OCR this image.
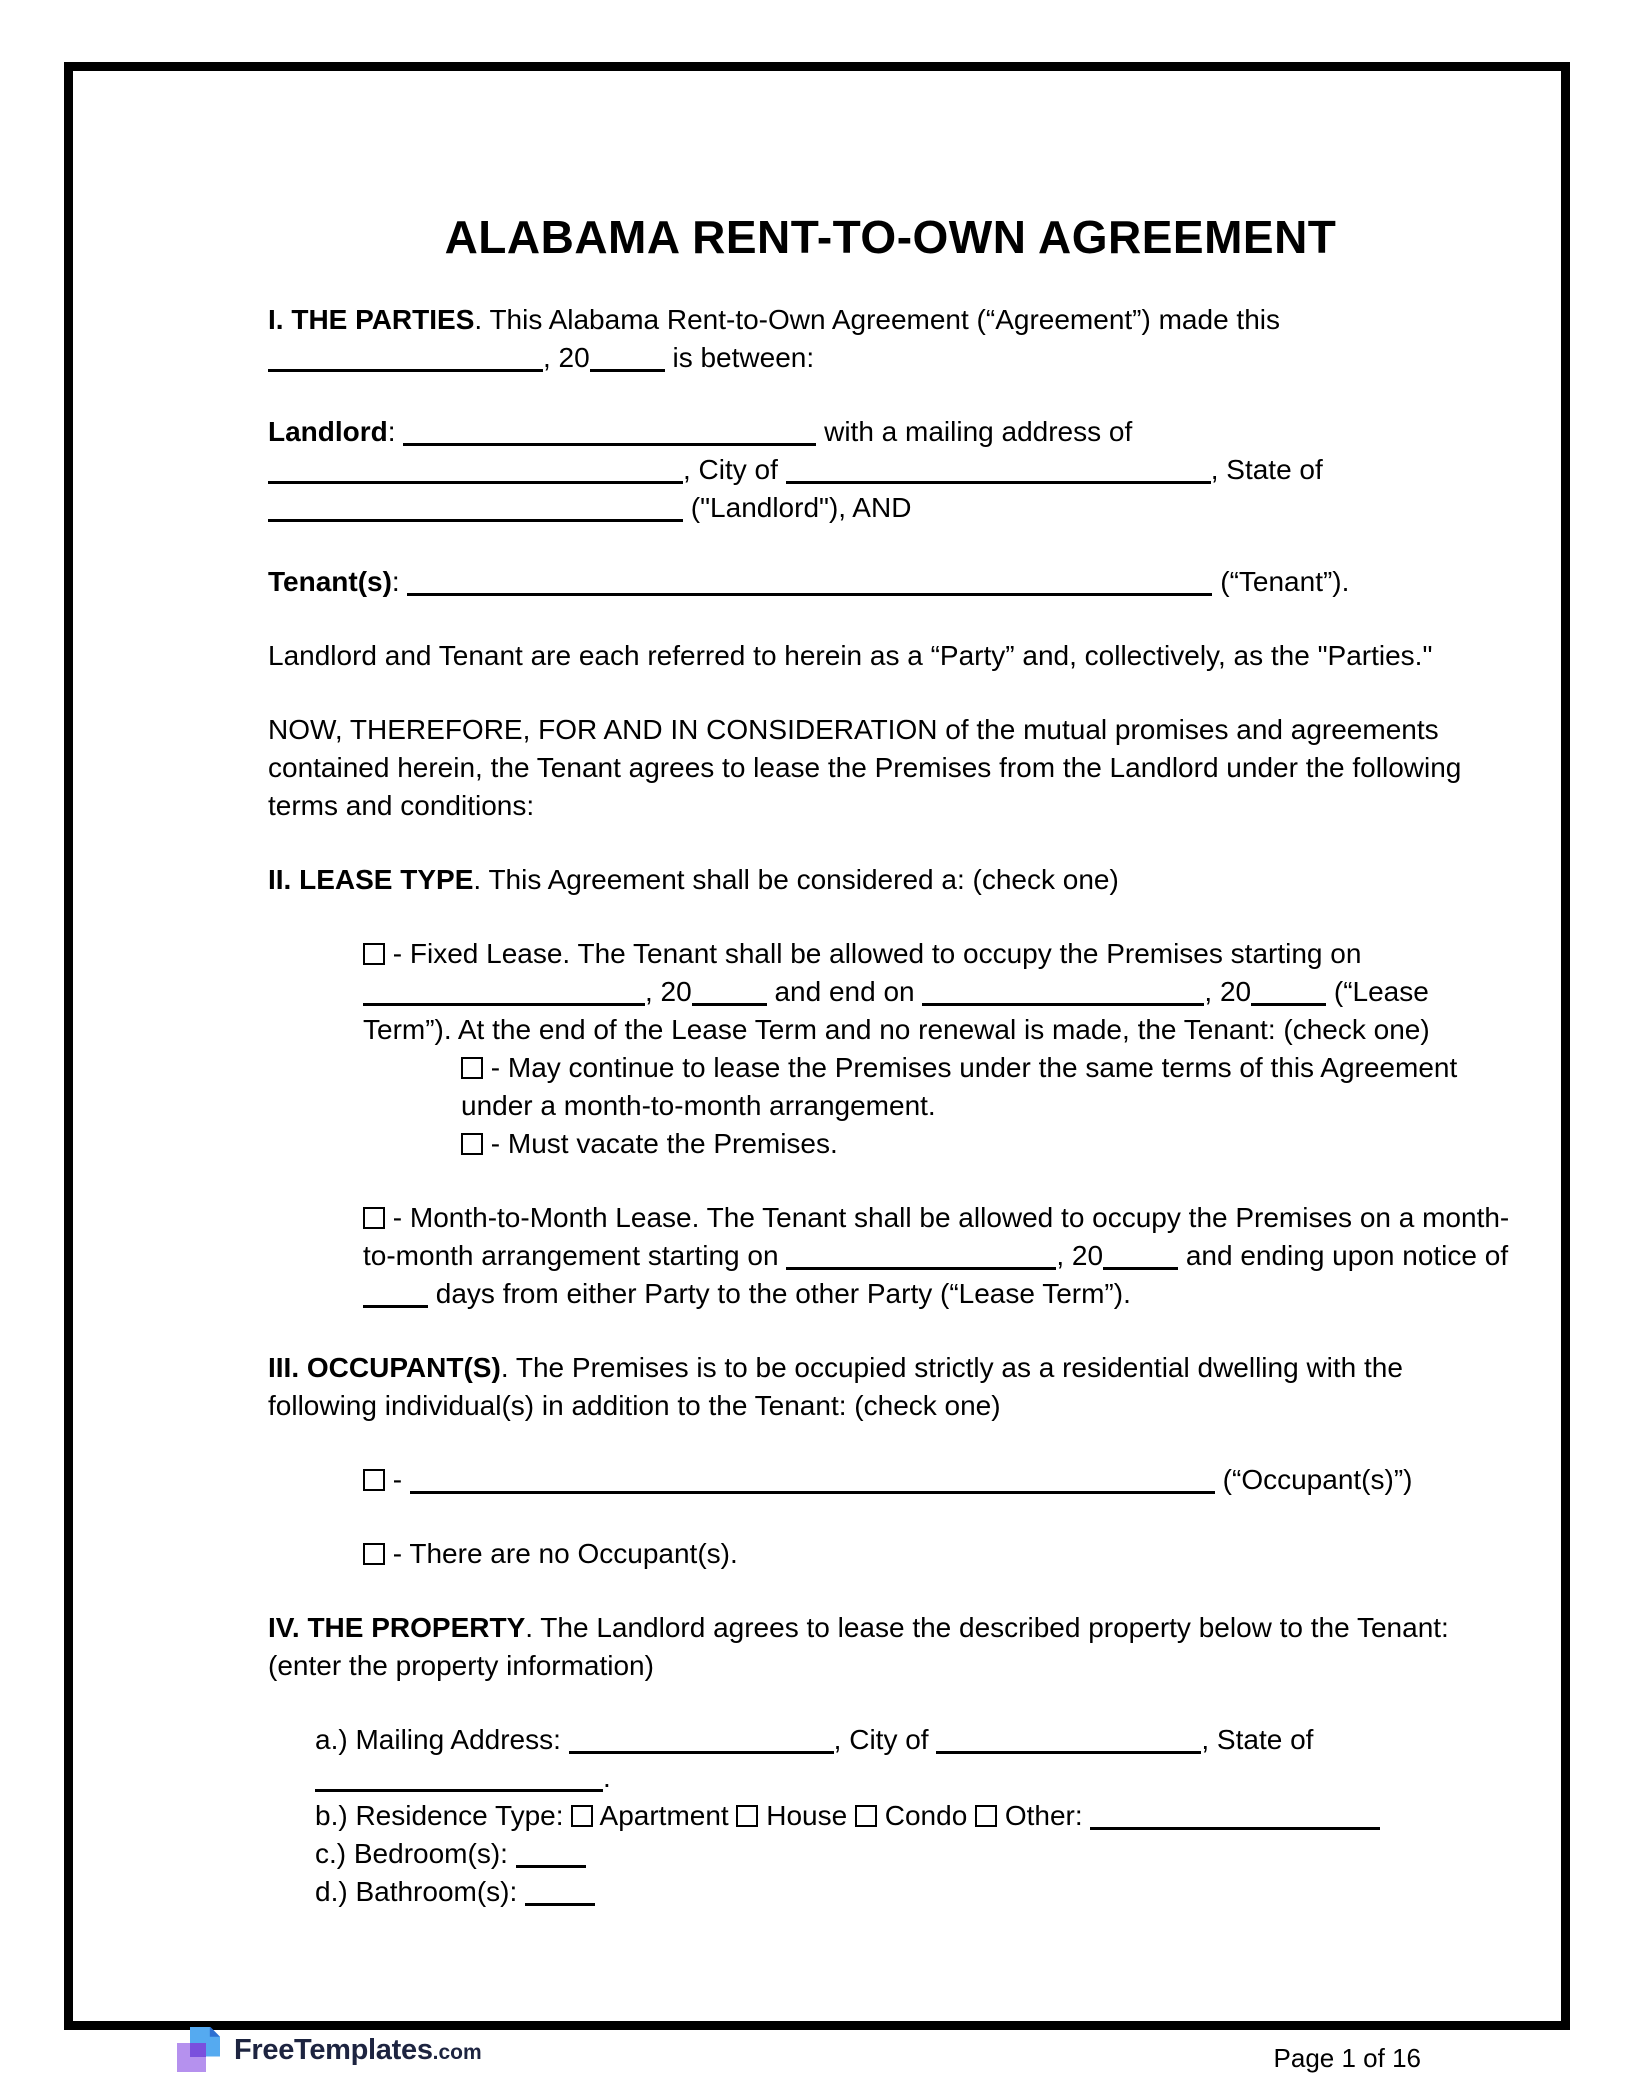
ALABAMA RENT-TO-OWN AGREEMENT

I. THE PARTIES. This Alabama Rent-to-Own Agreement (“Agreement”) made this , 20	is between:

Landlord:	with a mailing address of , City of	, State of  ("Landlord"), AND

Tenant(s):	(“Tenant”).

Landlord and Tenant are each referred to herein as a “Party” and, collectively, as the "Parties."

NOW, THEREFORE, FOR AND IN CONSIDERATION of the mutual promises and agreements contained herein, the Tenant agrees to lease the Premises from the Landlord under the following terms and conditions:

II. LEASE TYPE. This Agreement shall be considered a: (check one)

- Fixed Lease. The Tenant shall be allowed to occupy the Premises starting on , 20	and end on	, 20	(“Lease Term”). At the end of the Lease Term and no renewal is made, the Tenant: (check one)

- May continue to lease the Premises under the same terms of this Agreement under a month-to-month arrangement.

- Must vacate the Premises.

- Month-to-Month Lease. The Tenant shall be allowed to occupy the Premises on a month-to-month arrangement starting on	, 20	and ending upon notice of  days from either Party to the other Party (“Lease Term”).

III. OCCUPANT(S). The Premises is to be occupied strictly as a residential dwelling with the following individual(s) in addition to the Tenant: (check one)

-	(“Occupant(s)”)

- There are no Occupant(s).

IV. THE PROPERTY. The Landlord agrees to lease the described property below to the Tenant: (enter the property information)

a.) Mailing Address:	, City of	, State of .
b.) Residence Type:  Apartment  House  Condo  Other:
c.) Bedroom(s):
d.) Bathroom(s):

FreeTemplates.com	Page 1 of 16
